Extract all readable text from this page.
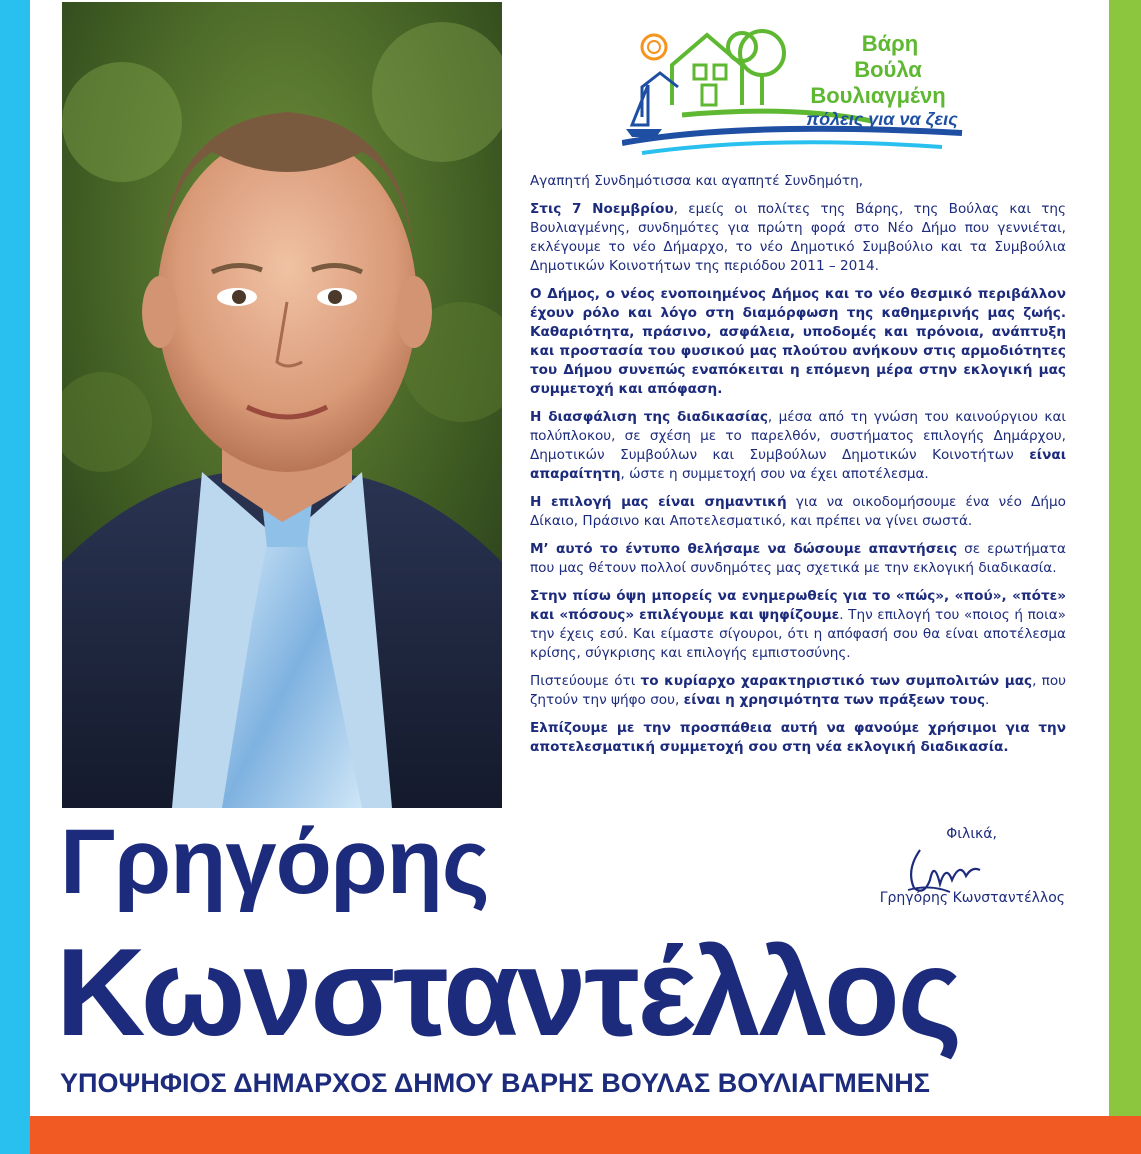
Βάρη
Βούλα
Βουλιαγμένη
πόλεις για να ζεις

Αγαπητή Συνδημότισσα και αγαπητέ Συνδημότη,

Στις 7 Νοεμβρίου, εμείς οι πολίτες της Βάρης, της Βούλας και της Βουλιαγμένης, συνδημότες για πρώτη φορά στο Νέο Δήμο που γεννιέται, εκλέγουμε το νέο Δήμαρχο, το νέο Δημοτικό Συμβούλιο και τα Συμβούλια Δημοτικών Κοινοτήτων της περιόδου 2011 – 2014.

Ο Δήμος, ο νέος ενοποιημένος Δήμος και το νέο θεσμικό περιβάλλον έχουν ρόλο και λόγο στη διαμόρφωση της καθημερινής μας ζωής. Καθαριότητα, πράσινο, ασφάλεια, υποδομές και πρόνοια, ανάπτυξη και προστασία του φυσικού μας πλούτου ανήκουν στις αρμοδιότητες του Δήμου συνεπώς εναπόκειται η επόμενη μέρα στην εκλογική μας συμμετοχή και απόφαση.

Η διασφάλιση της διαδικασίας, μέσα από τη γνώση του καινούργιου και πολύπλοκου, σε σχέση με το παρελθόν, συστήματος επιλογής Δημάρχου, Δημοτικών Συμβούλων και Συμβούλων Δημοτικών Κοινοτήτων είναι απαραίτητη, ώστε η συμμετοχή σου να έχει αποτέλεσμα.

Η επιλογή μας είναι σημαντική για να οικοδομήσουμε ένα νέο Δήμο Δίκαιο, Πράσινο και Αποτελεσματικό, και πρέπει να γίνει σωστά.

Μ’ αυτό το έντυπο θελήσαμε να δώσουμε απαντήσεις σε ερωτήματα που μας θέτουν πολλοί συνδημότες μας σχετικά με την εκλογική διαδικασία.

Στην πίσω όψη μπορείς να ενημερωθείς για το «πώς», «πού», «πότε» και «πόσους» επιλέγουμε και ψηφίζουμε. Την επιλογή του «ποιος ή ποια» την έχεις εσύ. Και είμαστε σίγουροι, ότι η απόφασή σου θα είναι αποτέλεσμα κρίσης, σύγκρισης και επιλογής εμπιστοσύνης.

Πιστεύουμε ότι το κυρίαρχο χαρακτηριστικό των συμπολιτών μας, που ζητούν την ψήφο σου, είναι η χρησιμότητα των πράξεων τους.

Ελπίζουμε με την προσπάθεια αυτή να φανούμε χρήσιμοι για την αποτελεσματική συμμετοχή σου στη νέα εκλογική διαδικασία.

Φιλικά,
Γρηγόρης Κωνσταντέλλος
Γρηγόρης
Κωνσταντέλλος
ΥΠΟΨΗΦΙΟΣ ΔΗΜΑΡΧΟΣ ΔΗΜΟΥ ΒΑΡΗΣ ΒΟΥΛΑΣ ΒΟΥΛΙΑΓΜΕΝΗΣ
